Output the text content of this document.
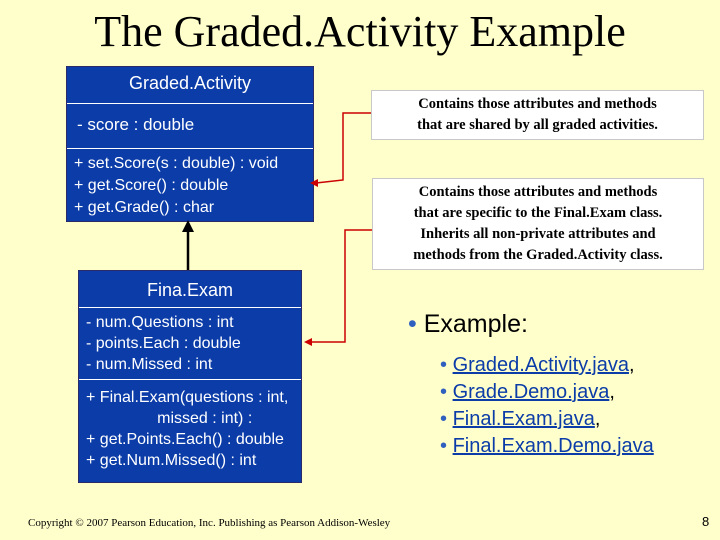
The Graded.Activity Example
Graded.Activity
- score : double
+ set.Score(s : double) : void
+ get.Score() : double
+ get.Grade() : char
Fina.Exam
- num.Questions : int
- points.Each : double
- num.Missed : int
+ Final.Exam(questions : int,
missed : int) :
+ get.Points.Each() : double
+ get.Num.Missed() : int
Contains those attributes and methods
that are shared by all graded activities.
Contains those attributes and methods
that are specific to the Final.Exam class.
Inherits all non-private attributes and
methods from the Graded.Activity class.
• Example:
• Graded.Activity.java,
• Grade.Demo.java,
• Final.Exam.java,
• Final.Exam.Demo.java
Copyright © 2007 Pearson Education, Inc. Publishing as Pearson Addison-Wesley	8
